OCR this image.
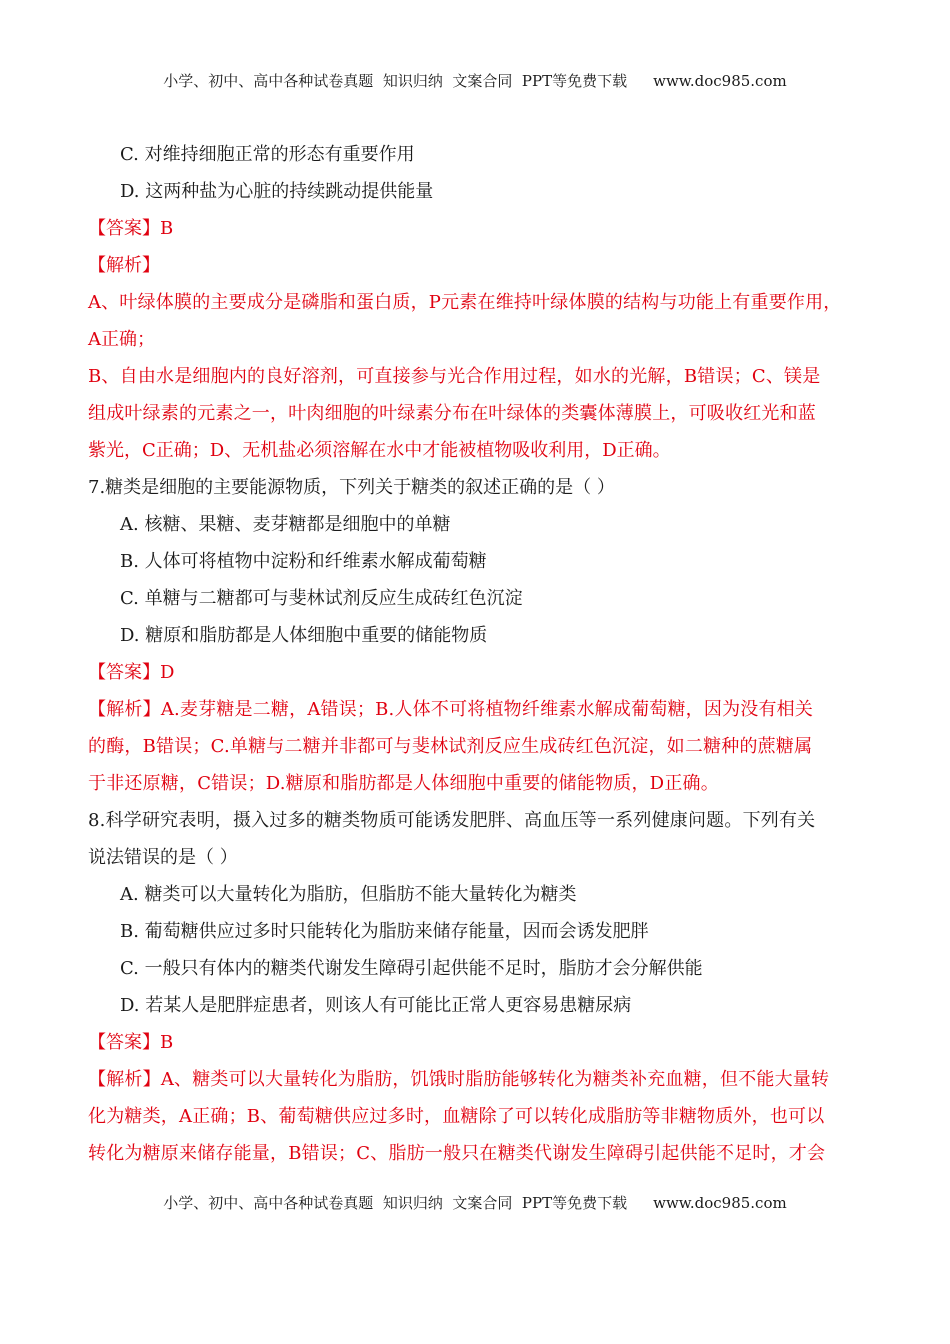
小学、初中、高中各种试卷真题  知识归纳  文案合同  PPT等免费下载 www.doc985.com
C. 对维持细胞正常的形态有重要作用
D. 这两种盐为心脏的持续跳动提供能量
【答案】B
【解析】
A、叶绿体膜的主要成分是磷脂和蛋白质，P元素在维持叶绿体膜的结构与功能上有重要作用，
A正确；
B、自由水是细胞内的良好溶剂，可直接参与光合作用过程，如水的光解，B错误；C、镁是
组成叶绿素的元素之一，叶肉细胞的叶绿素分布在叶绿体的类囊体薄膜上，可吸收红光和蓝
紫光，C正确；D、无机盐必须溶解在水中才能被植物吸收利用，D正确。
7.糖类是细胞的主要能源物质，下列关于糖类的叙述正确的是（ ）
A. 核糖、果糖、麦芽糖都是细胞中的单糖
B. 人体可将植物中淀粉和纤维素水解成葡萄糖
C. 单糖与二糖都可与斐林试剂反应生成砖红色沉淀
D. 糖原和脂肪都是人体细胞中重要的储能物质
【答案】D
【解析】A.麦芽糖是二糖，A错误；B.人体不可将植物纤维素水解成葡萄糖，因为没有相关
的酶，B错误；C.单糖与二糖并非都可与斐林试剂反应生成砖红色沉淀，如二糖种的蔗糖属
于非还原糖，C错误；D.糖原和脂肪都是人体细胞中重要的储能物质，D正确。
8.科学研究表明，摄入过多的糖类物质可能诱发肥胖、高血压等一系列健康问题。下列有关
说法错误的是（ ）
A. 糖类可以大量转化为脂肪，但脂肪不能大量转化为糖类
B. 葡萄糖供应过多时只能转化为脂肪来储存能量，因而会诱发肥胖
C. 一般只有体内的糖类代谢发生障碍引起供能不足时，脂肪才会分解供能
D. 若某人是肥胖症患者，则该人有可能比正常人更容易患糖尿病
【答案】B
【解析】A、糖类可以大量转化为脂肪，饥饿时脂肪能够转化为糖类补充血糖，但不能大量转
化为糖类，A正确；B、葡萄糖供应过多时，血糖除了可以转化成脂肪等非糖物质外，也可以
转化为糖原来储存能量，B错误；C、脂肪一般只在糖类代谢发生障碍引起供能不足时，才会
小学、初中、高中各种试卷真题  知识归纳  文案合同  PPT等免费下载 www.doc985.com
